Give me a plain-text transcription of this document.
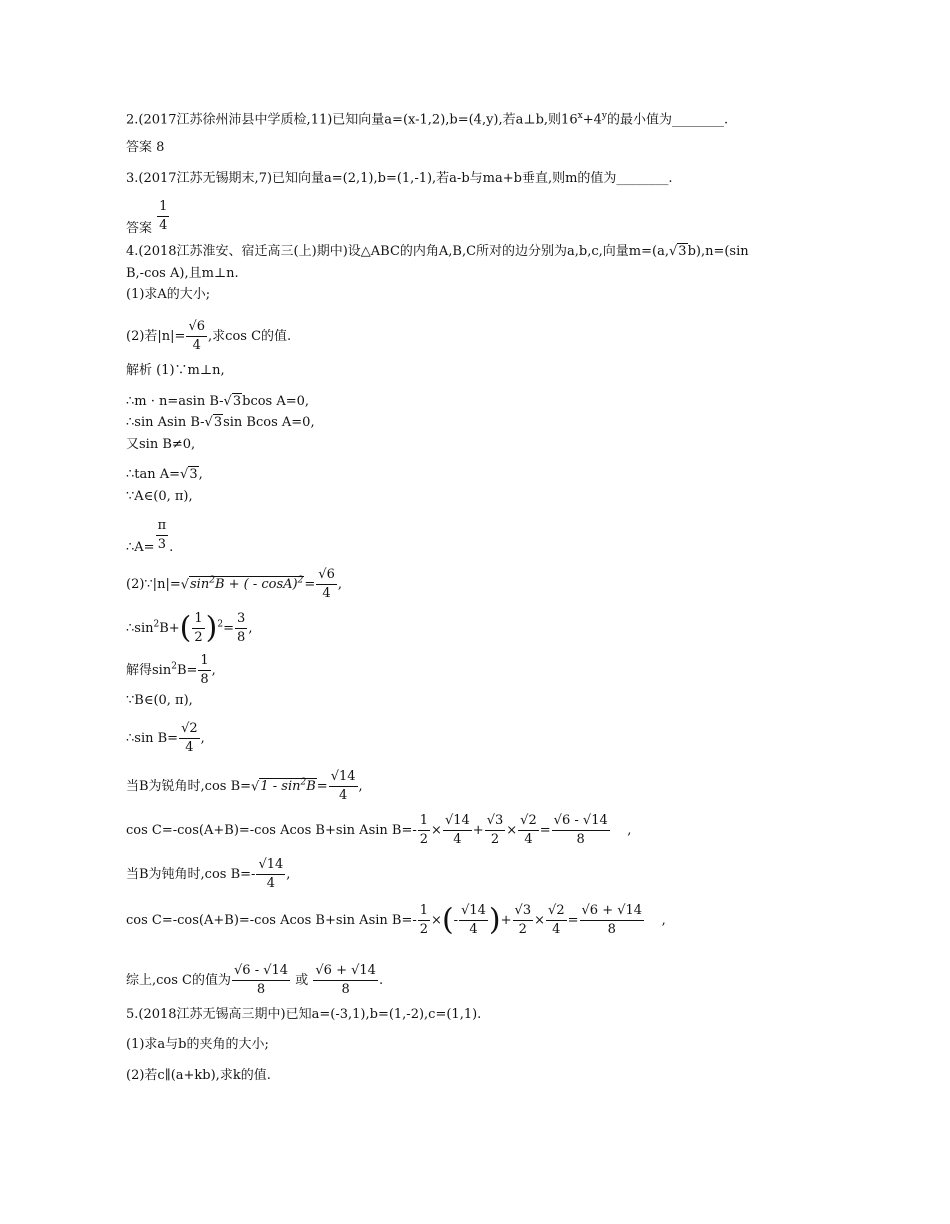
2.(2017江苏徐州沛县中学质检,11)已知向量a=(x-1,2),b=(4,y),若a⊥b,则$16^x+4^y$的最小值为________.
答案 8
3.(2017江苏无锡期末,7)已知向量a=(2,1),b=(1,-1),若a-b与ma+b垂直,则m的值为________.
答案 $\frac{1}{4}$
4.(2018江苏淮安、宿迁高三(上)期中)设△ABC的内角A,B,C所对的边分别为a,b,c,向量m=(a,√3b),n=(sin
B,-cos A),且m⊥n.
(1)求A的大小;
(2)若$|n|= \frac{√6}{4}$ ,求cos C的值.
解析 (1)∵m⊥n,
∴m · n=asin B-√3bcos A=0,
∴sin Asin B-√3sin Bcos A=0,
又sin B≠0,
∴tan A=√3,
∵A∈(0, π),
∴A= $\frac{\pi}{3}$ .
$(2)\because|n|=√\sin^2B$ + ( - $\cos A)^2= \frac{√6}{4}$ ,
$\therefore\sin^2B+( \frac{1}{2} )^2= \frac{3}{8}$ ,
解得$\sin^2B= \frac{1}{8}$ ,
∵B∈(0, π),
∴sin $B= \frac{√2}{4}$ ,
当B为锐角时,cos $B=√1 - \sin^2B= \frac{√14}{4}$ ,
cos C=-cos(A+B)=-cos Acos B+sin Asin $B=- \frac{1}{2} \times \frac{√14}{4} + \frac{√3}{2} \times \frac{√2}{4} = \frac{√6 - √14}{8}$ ,
当B为钝角时,cos $B=- \frac{√14}{4}$ ,
cos C=-cos(A+B)=-cos Acos B+sin Asin $B=- \frac{1}{2}$ ×(- $\frac{√14}{4}$ )+ $\frac{√3}{2} \times \frac{√2}{4} = \frac{√6 + √14}{8}$ ,
综上,cos C的值为 $\frac{√6 - √14}{8}$ 或 $\frac{√6 + √14}{8}$ .
5.(2018江苏无锡高三期中)已知a=(-3,1),b=(1,-2),c=(1,1).
(1)求a与b的夹角的大小;
(2)若c∥(a+kb),求k的值.
